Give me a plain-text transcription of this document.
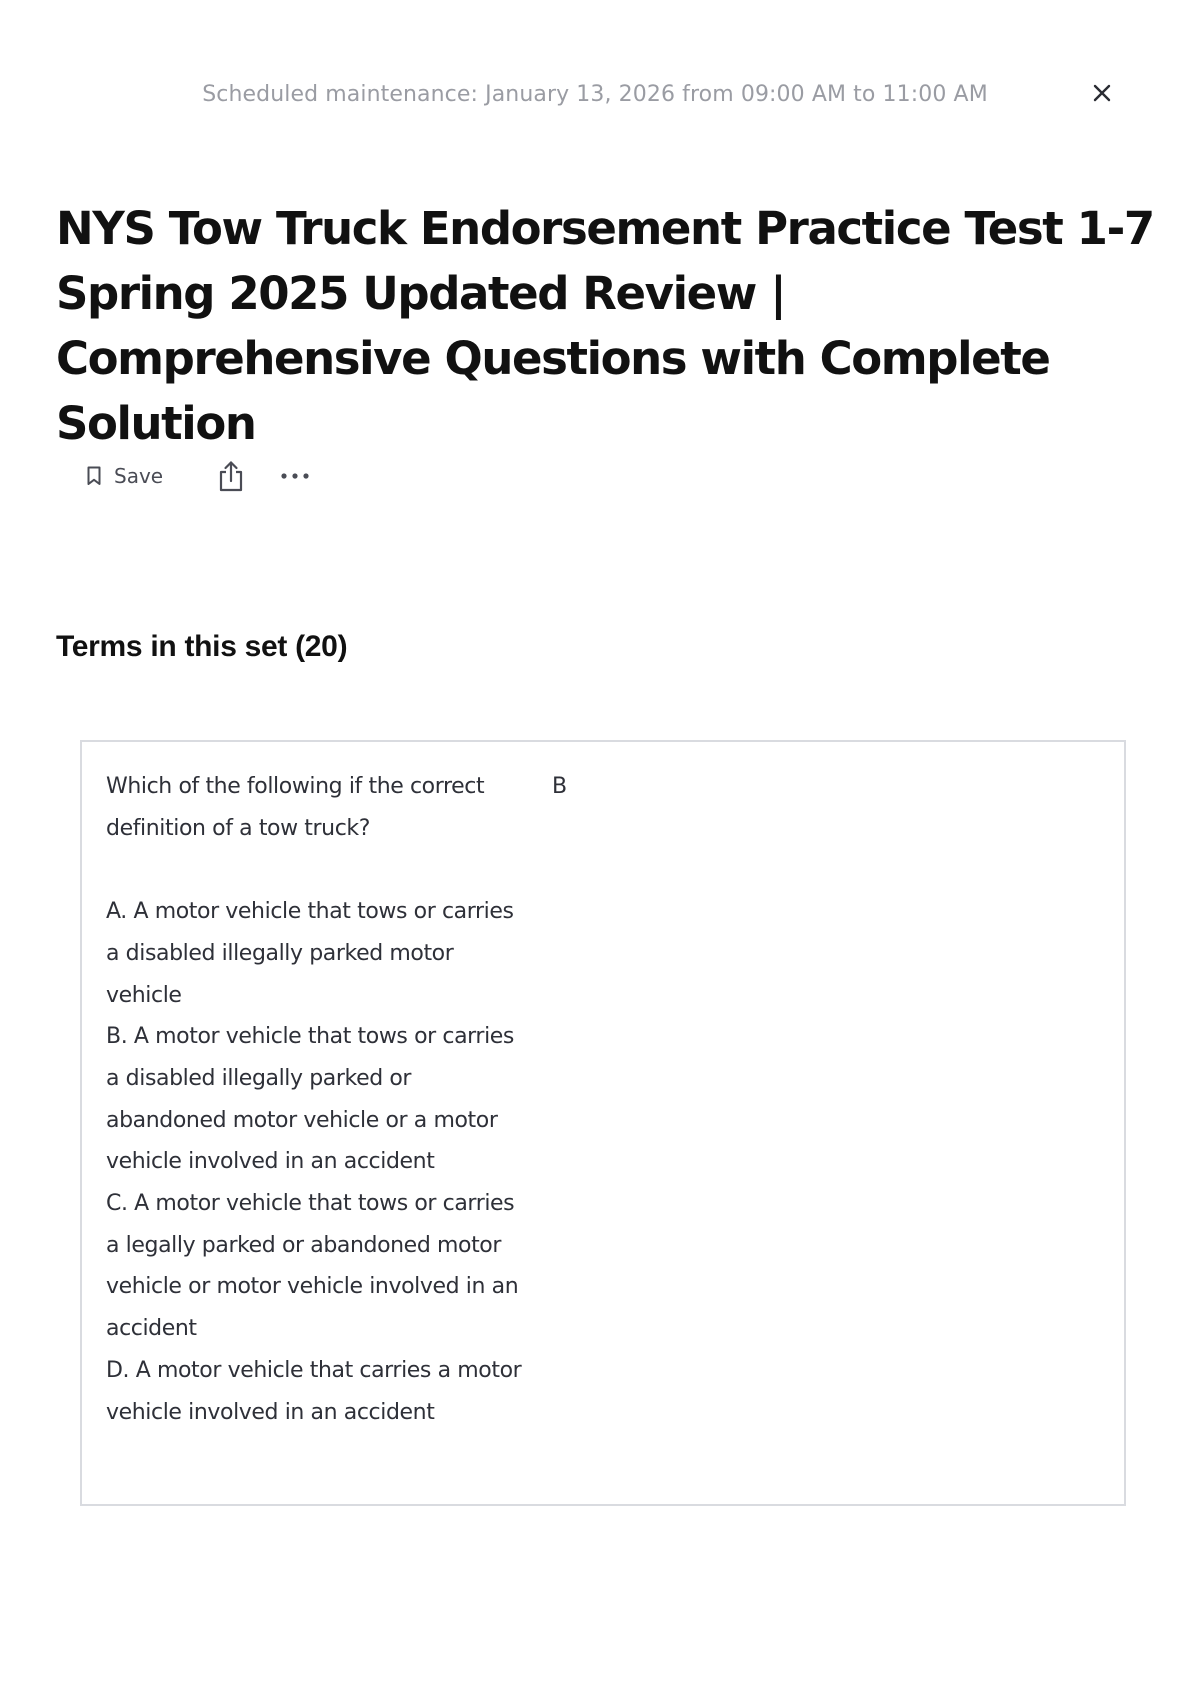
Scheduled maintenance: January 13, 2026 from 09:00 AM to 11:00 AM
NYS Tow Truck Endorsement Practice Test 1-7 Spring 2025 Updated Review | Comprehensive Questions with Complete Solution
Save
Terms in this set (20)
Which of the following if the correct definition of a tow truck?

A. A motor vehicle that tows or carries a disabled illegally parked motor vehicle
B. A motor vehicle that tows or carries a disabled illegally parked or abandoned motor vehicle or a motor vehicle involved in an accident
C. A motor vehicle that tows or carries a legally parked or abandoned motor vehicle or motor vehicle involved in an accident
D. A motor vehicle that carries a motor vehicle involved in an accident
B
